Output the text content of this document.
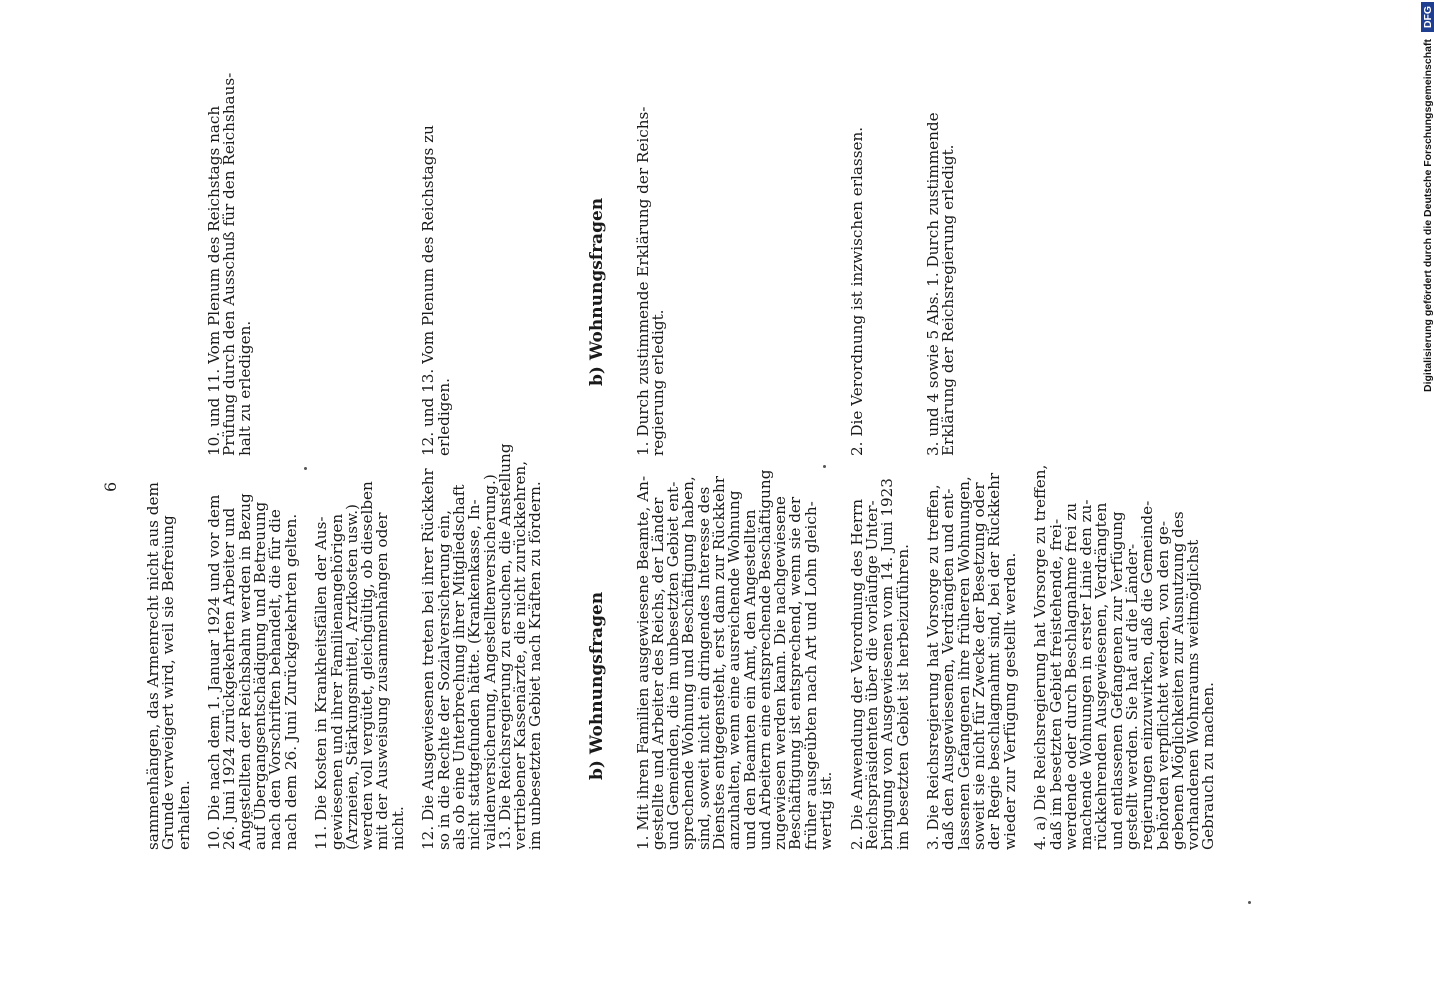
6 sammenhängen, das Armenrecht nicht aus dem
Grunde verweigert wird, weil sie Befreiung
erhalten.
10. Die nach dem 1. Januar 1924 und vor dem
26. Juni 1924 zurückgekehrten Arbeiter und
Angestellten der Reichsbahn werden in Bezug
auf Übergangsentschädigung und Betreuung
nach den Vorschriften behandelt, die für die
nach dem 26. Juni Zurückgekehrten gelten.
11. Die Kosten in Krankheitsfällen der Aus-
gewiesenen und ihrer Familienangehörigen
(Arzneien, Stärkungsmittel, Arztkosten usw.)
werden voll vergütet, gleichgültig, ob dieselben
mit der Ausweisung zusammenhängen oder
nicht.
12. Die Ausgewiesenen treten bei ihrer Rückkehr
so in die Rechte der Sozialversicherung ein,
als ob eine Unterbrechung ihrer Mitgliedschaft
nicht stattgefunden hätte. (Krankenkasse, In-
validenversicherung, Angestelltenversicherung.)
13. Die Reichsregierung zu ersuchen, die Anstellung
vertriebener Kassenärzte, die nicht zurückkehren,
im unbesetzten Gebiet nach Kräften zu fördern.

b) Wohnungsfragen

1. Mit ihren Familien ausgewiesene Beamte, An-
gestellte und Arbeiter des Reichs, der Länder
und Gemeinden, die im unbesetzten Gebiet ent-
sprechende Wohnung und Beschäftigung haben,
sind, soweit nicht ein dringendes Interesse des
Dienstes entgegensteht, erst dann zur Rückkehr
anzuhalten, wenn eine ausreichende Wohnung
und den Beamten ein Amt, den Angestellten
und Arbeitern eine entsprechende Beschäftigung
zugewiesen werden kann. Die nachgewiesene
Beschäftigung ist entsprechend, wenn sie der
früher ausgeübten nach Art und Lohn gleich-
wertig ist.
2. Die Anwendung der Verordnung des Herrn
Reichspräsidenten über die vorläufige Unter-
bringung von Ausgewiesenen vom 14. Juni 1923
im besetzten Gebiet ist herbeizuführen.
3. Die Reichsregierung hat Vorsorge zu treffen,
daß den Ausgewiesenen, Verdrängten und ent-
lassenen Gefangenen ihre früheren Wohnungen,
soweit sie nicht für Zwecke der Besetzung oder
der Regie beschlagnahmt sind, bei der Rückkehr
wieder zur Verfügung gestellt werden.
4. a) Die Reichsregierung hat Vorsorge zu treffen,
daß im besetzten Gebiet freistehende, frei-
werdende oder durch Beschlagnahme frei zu
machende Wohnungen in erster Linie den zu-
rückkehrenden Ausgewiesenen, Verdrängten
und entlassenen Gefangenen zur Verfügung
gestellt werden. Sie hat auf die Länder-
regierungen einzuwirken, daß die Gemeinde-
behörden verpflichtet werden, von den ge-
gebenen Möglichkeiten zur Ausnutzung des
vorhandenen Wohnraums weitmöglichst
Gebrauch zu machen.

10. und 11. Vom Plenum des Reichstags nach
Prüfung durch den Ausschuß für den Reichshaus-
halt zu erledigen.

	12. und 13. Vom Plenum des Reichstags zu
erledigen.

b) Wohnungsfragen

1. Durch zustimmende Erklärung der Reichs-
regierung erledigt.

	2. Die Verordnung ist inzwischen erlassen.

	3. und 4 sowie 5 Abs. 1. Durch zustimmende
Erklärung der Reichsregierung erledigt.	Digitalisierung gefördert durch die Deutsche Forschungsgemeinschaft DFG
